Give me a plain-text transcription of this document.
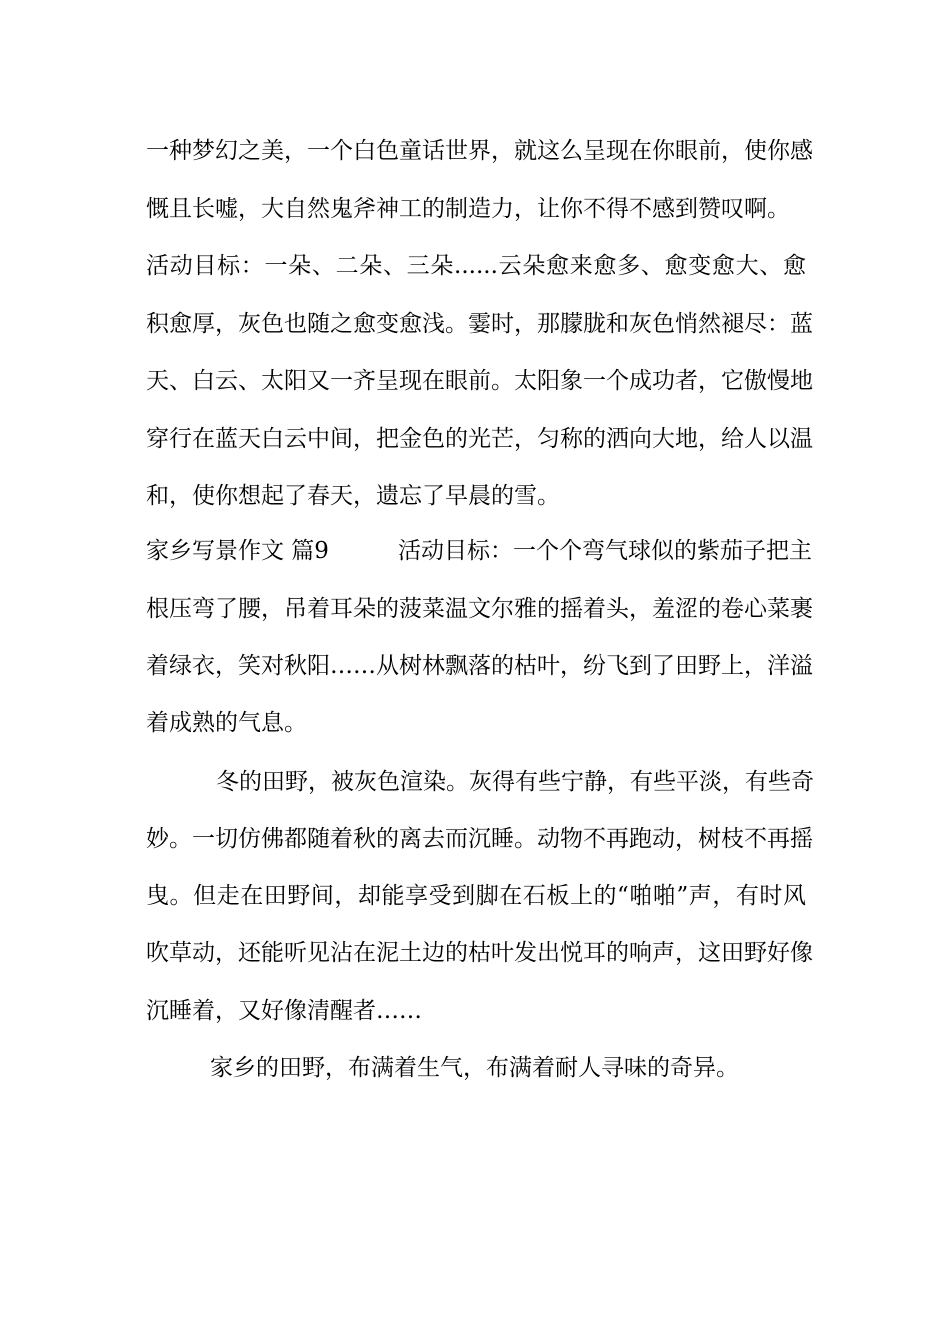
一种梦幻之美，一个白色童话世界，就这么呈现在你眼前，使你感
慨且长嘘，大自然鬼斧神工的制造力，让你不得不感到赞叹啊。
活动目标：一朵、二朵、三朵......云朵愈来愈多、愈变愈大、愈
积愈厚，灰色也随之愈变愈浅。霎时，那朦胧和灰色悄然褪尽：蓝
天、白云、太阳又一齐呈现在眼前。太阳象一个成功者，它傲慢地
穿行在蓝天白云中间，把金色的光芒，匀称的洒向大地，给人以温
和，使你想起了春天，遗忘了早晨的雪。
家乡写景作文 篇9	活动目标：一个个弯气球似的紫茄子把主
根压弯了腰，吊着耳朵的菠菜温文尔雅的摇着头，羞涩的卷心菜裹
着绿衣，笑对秋阳……从树林飘落的枯叶，纷飞到了田野上，洋溢
着成熟的气息。
冬的田野，被灰色渲染。灰得有些宁静，有些平淡，有些奇
妙。一切仿佛都随着秋的离去而沉睡。动物不再跑动，树枝不再摇
曳。但走在田野间，却能享受到脚在石板上的“啪啪”声，有时风
吹草动，还能听见沾在泥土边的枯叶发出悦耳的响声，这田野好像
沉睡着，又好像清醒者……
家乡的田野，布满着生气，布满着耐人寻味的奇异。
